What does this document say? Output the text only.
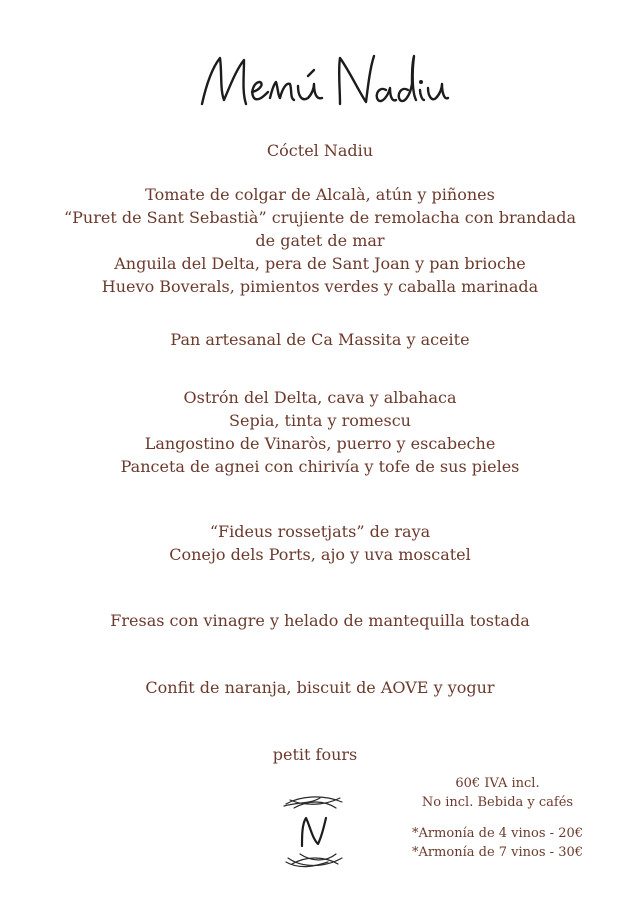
Cóctel Nadiu
Tomate de colgar de Alcalà, atún y piñones
“Puret de Sant Sebastià” crujiente de remolacha con brandada
de gatet de mar
Anguila del Delta, pera de Sant Joan y pan brioche
Huevo Boverals, pimientos verdes y caballa marinada
Pan artesanal de Ca Massita y aceite
Ostrón del Delta, cava y albahaca
Sepia, tinta y romescu
Langostino de Vinaròs, puerro y escabeche
Panceta de agnei con chirivía y tofe de sus pieles
“Fideus rossetjats” de raya
Conejo dels Ports, ajo y uva moscatel
Fresas con vinagre y helado de mantequilla tostada
Confit de naranja, biscuit de AOVE y yogur
petit fours
60€ IVA incl.
No incl. Bebida y cafés
*Armonía de 4 vinos - 20€
*Armonía de 7 vinos - 30€
